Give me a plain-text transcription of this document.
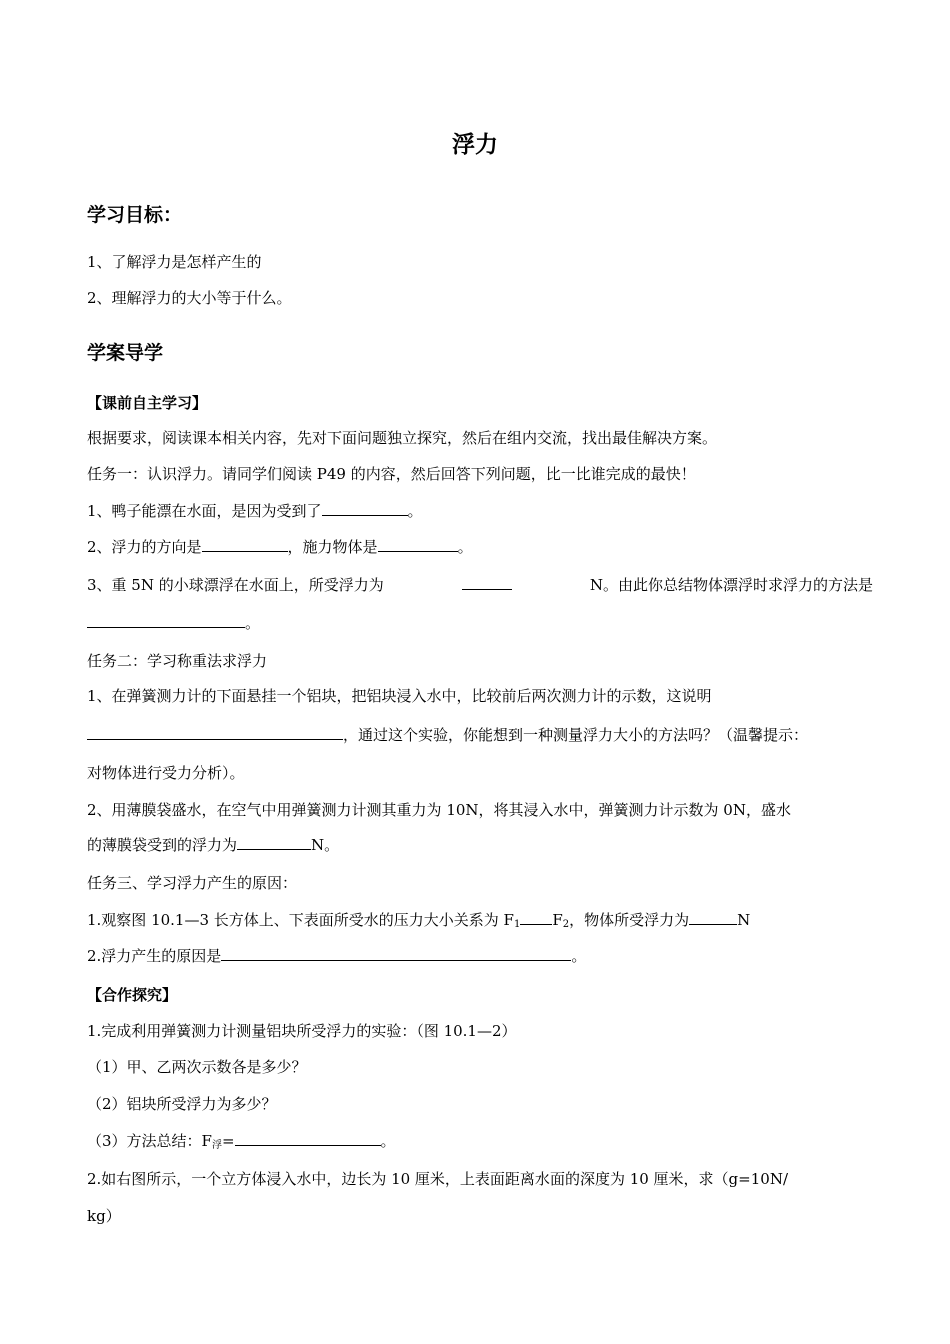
浮力
学习目标：
1、了解浮力是怎样产生的
2、理解浮力的大小等于什么。
学案导学
【课前自主学习】
根据要求，阅读课本相关内容，先对下面问题独立探究，然后在组内交流，找出最佳解决方案。
任务一：认识浮力。请同学们阅读 P49 的内容，然后回答下列问题，比一比谁完成的最快！
1、鸭子能漂在水面，是因为受到了	。
2、浮力的方向是	，施力物体是	。
3、重 5N 的小球漂浮在水面上，所受浮力为	N。由此你总结物体漂浮时求浮力的方法是
。
任务二：学习称重法求浮力
1、在弹簧测力计的下面悬挂一个铝块，把铝块浸入水中，比较前后两次测力计的示数，这说明
，通过这个实验，你能想到一种测量浮力大小的方法吗？（温馨提示：
对物体进行受力分析）。
2、用薄膜袋盛水，在空气中用弹簧测力计测其重力为 10N，将其浸入水中，弹簧测力计示数为 0N，盛水
的薄膜袋受到的浮力为	N。
任务三、学习浮力产生的原因：
1.观察图 10.1—3 长方体上、下表面所受水的压力大小关系为 $F_1$ $F_2$，物体所受浮力为	N
2.浮力产生的原因是	。
【合作探究】
1.完成利用弹簧测力计测量铝块所受浮力的实验：（图 10.1—2）
（1）甲、乙两次示数各是多少？
（2）铝块所受浮力为多少？
（3）方法总结：$F_浮=$	。
2.如右图所示，一个立方体浸入水中，边长为 10 厘米，上表面距离水面的深度为 10 厘米，求（g=10N/
kg）
